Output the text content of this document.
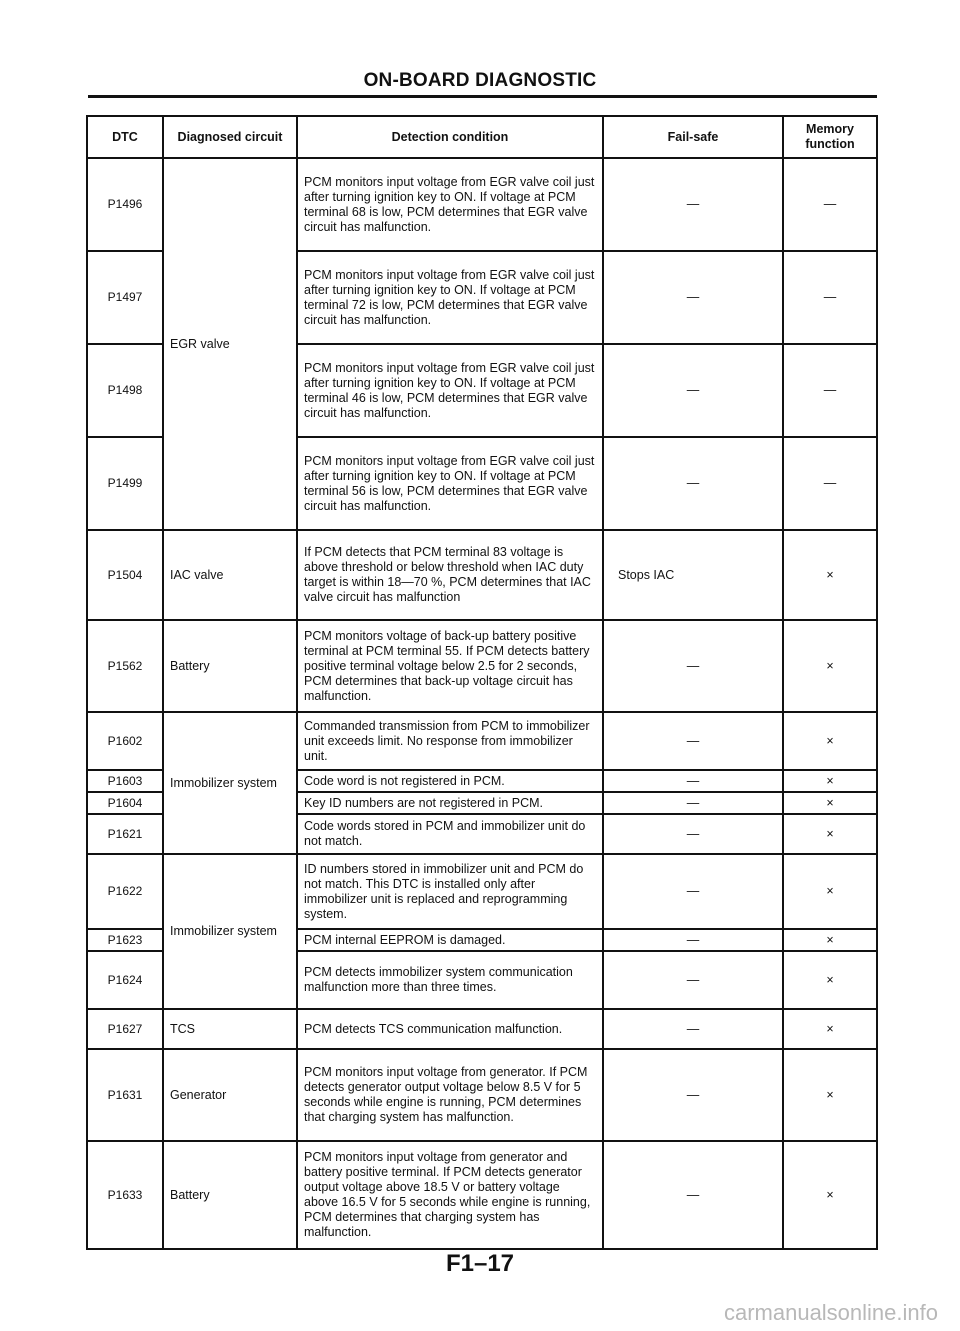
ON-BOARD DIAGNOSTIC
DTC	Diagnosed circuit	Detection condition	Fail-safe	Memory function
P1496	EGR valve	PCM monitors input voltage from EGR valve coil just after turning ignition key to ON. If voltage at PCM terminal 68 is low, PCM determines that EGR valve circuit has malfunction.	—	—
P1497		PCM monitors input voltage from EGR valve coil just after turning ignition key to ON. If voltage at PCM terminal 72 is low, PCM determines that EGR valve circuit has malfunction.	—	—
P1498		PCM monitors input voltage from EGR valve coil just after turning ignition key to ON. If voltage at PCM terminal 46 is low, PCM determines that EGR valve circuit has malfunction.	—	—
P1499		PCM monitors input voltage from EGR valve coil just after turning ignition key to ON. If voltage at PCM terminal 56 is low, PCM determines that EGR valve circuit has malfunction.	—	—
P1504	IAC valve	If PCM detects that PCM terminal 83 voltage is above threshold or below threshold when IAC duty target is within 18—70 %, PCM determines that IAC valve circuit has malfunction	Stops IAC	×
P1562	Battery	PCM monitors voltage of back-up battery positive terminal at PCM terminal 55. If PCM detects battery positive terminal voltage below 2.5 for 2 seconds, PCM determines that back-up voltage circuit has malfunction.	—	×
P1602	Immobilizer system	Commanded transmission from PCM to immobilizer unit exceeds limit. No response from immobilizer unit.	—	×
P1603		Code word is not registered in PCM.	—	×
P1604		Key ID numbers are not registered in PCM.	—	×
P1621		Code words stored in PCM and immobilizer unit do not match.	—	×
P1622	Immobilizer system	ID numbers stored in immobilizer unit and PCM do not match. This DTC is installed only after immobilizer unit is replaced and reprogramming system.	—	×
P1623		PCM internal EEPROM is damaged.	—	×
P1624		PCM detects immobilizer system communication malfunction more than three times.	—	×
P1627	TCS	PCM detects TCS communication malfunction.	—	×
P1631	Generator	PCM monitors input voltage from generator. If PCM detects generator output voltage below 8.5 V for 5 seconds while engine is running, PCM determines that charging system has malfunction.	—	×
P1633	Battery	PCM monitors input voltage from generator and battery positive terminal. If PCM detects generator output voltage above 18.5 V or battery voltage above 16.5 V for 5 seconds while engine is running, PCM determines that charging system has malfunction.	—	×
F1–17
carmanualsonline.info
